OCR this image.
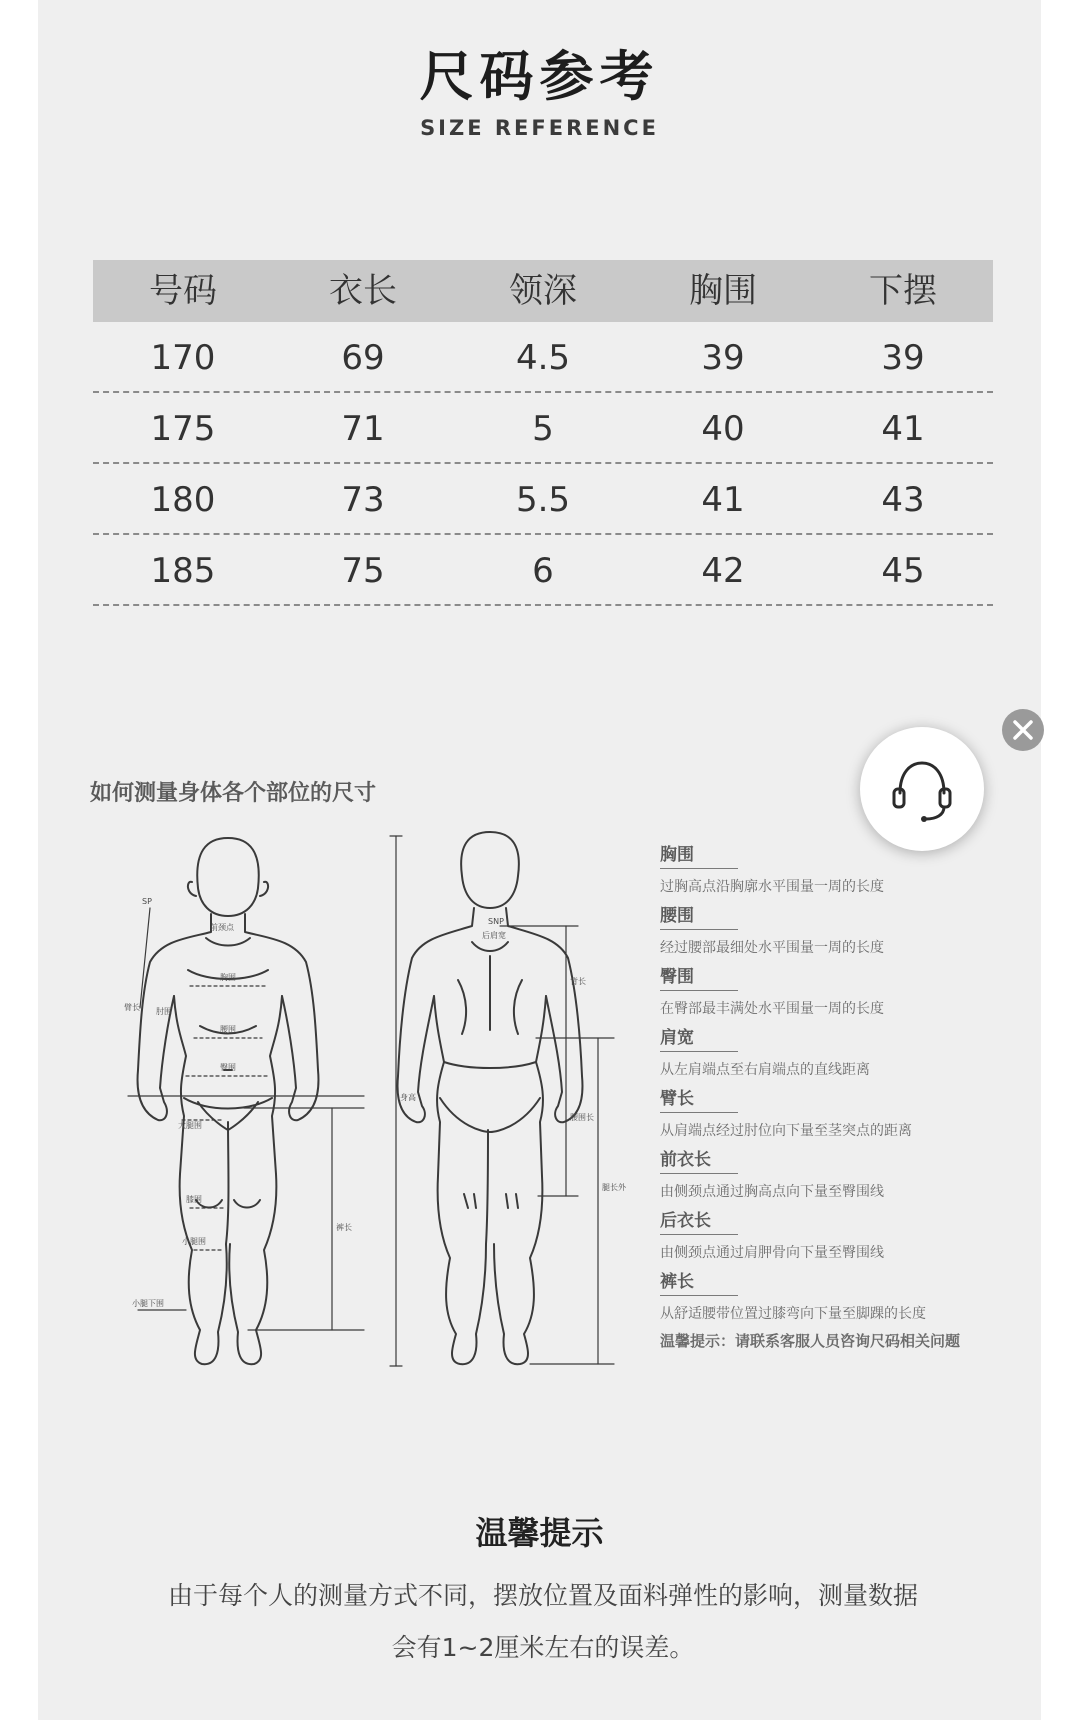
尺码参考
SIZE REFERENCE
号码	衣长	领深	胸围	下摆
170	69	4.5	39	39
175	71	5	40	41
180	73	5.5	41	43
185	75	6	42	45
如何测量身体各个部位的尺寸
SP
前颈点
胸围
腰围
臀围
臂长 肘围
大腿围
膝围
小腿围
小腿下围
裤长
SNP
后肩宽
背长
身高
腰围长
腿长外
胸围
过胸高点沿胸廓水平围量一周的长度
腰围
经过腰部最细处水平围量一周的长度
臀围
在臀部最丰满处水平围量一周的长度
肩宽
从左肩端点至右肩端点的直线距离
臂长
从肩端点经过肘位向下量至茎突点的距离
前衣长
由侧颈点通过胸高点向下量至臀围线
后衣长
由侧颈点通过肩胛骨向下量至臀围线
裤长
从舒适腰带位置过膝弯向下量至脚踝的长度
温馨提示：请联系客服人员咨询尺码相关问题
温馨提示
由于每个人的测量方式不同，摆放位置及面料弹性的影响，测量数据
会有1~2厘米左右的误差。
